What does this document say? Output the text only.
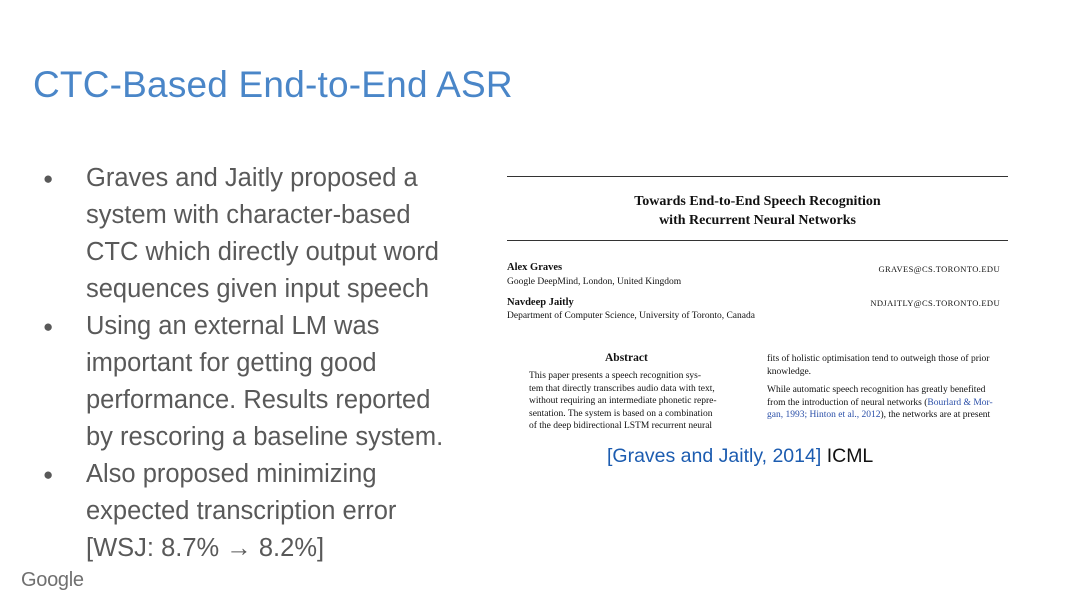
CTC-Based End-to-End ASR
● Graves and Jaitly proposed a
system with character-based
CTC which directly output word
sequences given input speech
● Using an external LM was
important for getting good
performance. Results reported
by rescoring a baseline system.
● Also proposed minimizing
expected transcription error
[WSJ: 8.7% → 8.2%]
Towards End-to-End Speech Recognition
with Recurrent Neural Networks
Alex Graves	GRAVES@CS.TORONTO.EDU
Google DeepMind, London, United Kingdom
Navdeep Jaitly	NDJAITLY@CS.TORONTO.EDU
Department of Computer Science, University of Toronto, Canada
Abstract
This paper presents a speech recognition sys-
tem that directly transcribes audio data with text,
without requiring an intermediate phonetic repre-
sentation. The system is based on a combination
of the deep bidirectional LSTM recurrent neural
fits of holistic optimisation tend to outweigh those of prior
knowledge.
While automatic speech recognition has greatly benefited
from the introduction of neural networks (Bourlard & Mor-
gan, 1993; Hinton et al., 2012), the networks are at present
[Graves and Jaitly, 2014] ICML
Google
